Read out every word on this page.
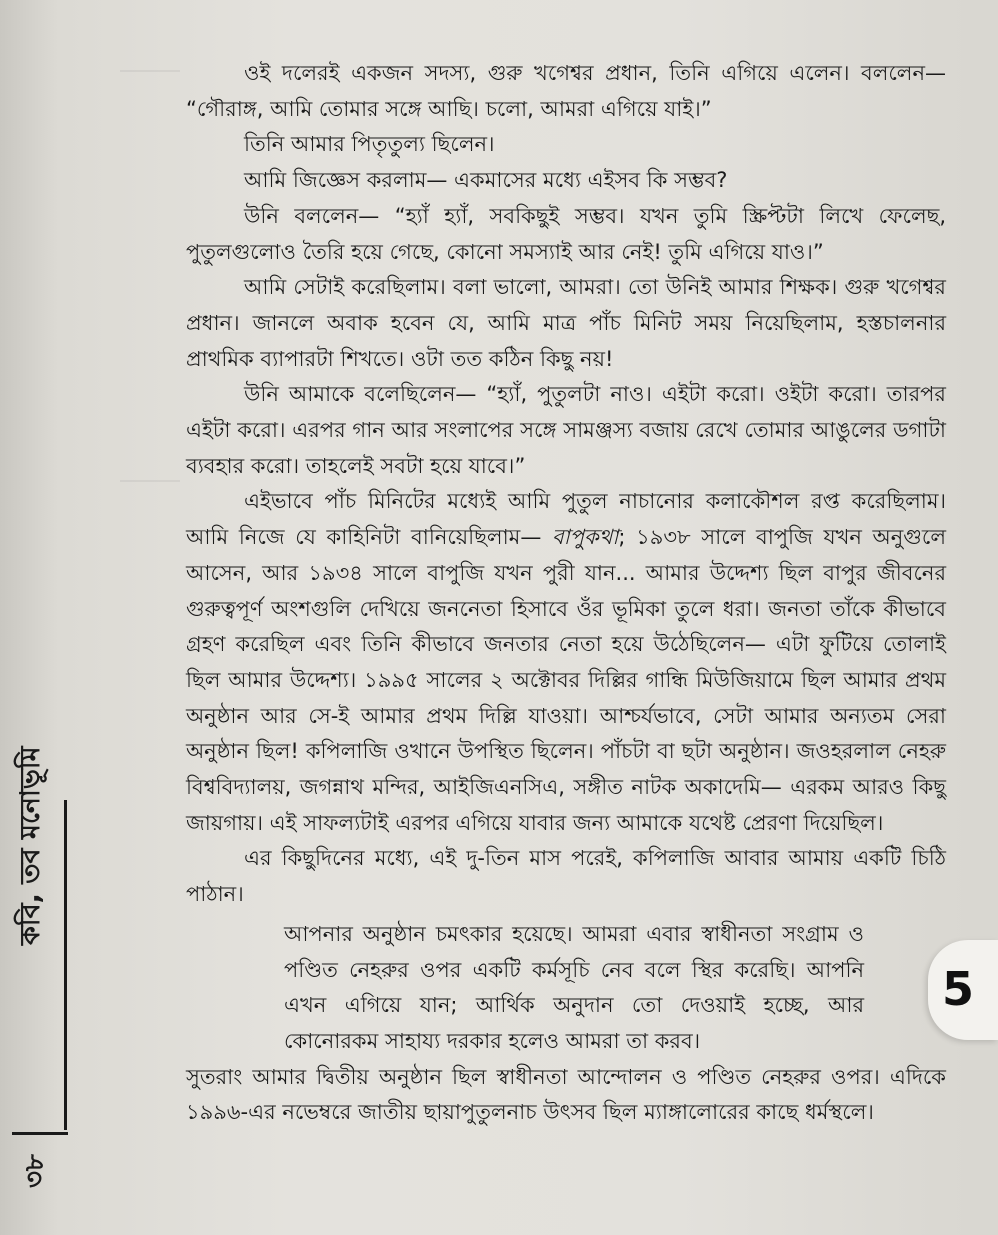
ওই দলেরই একজন সদস্য, গুরু খগেশ্বর প্রধান, তিনি এগিয়ে এলেন। বললেন— “গৌরাঙ্গ, আমি তোমার সঙ্গে আছি। চলো, আমরা এগিয়ে যাই।”

তিনি আমার পিতৃতুল্য ছিলেন।

আমি জিজ্ঞেস করলাম— একমাসের মধ্যে এইসব কি সম্ভব?

উনি বললেন— “হ্যাঁ হ্যাঁ, সবকিছুই সম্ভব। যখন তুমি স্ক্রিপ্টটা লিখে ফেলেছ, পুতুলগুলোও তৈরি হয়ে গেছে, কোনো সমস্যাই আর নেই! তুমি এগিয়ে যাও।”

আমি সেটাই করেছিলাম। বলা ভালো, আমরা। তো উনিই আমার শিক্ষক। গুরু খগেশ্বর প্রধান। জানলে অবাক হবেন যে, আমি মাত্র পাঁচ মিনিট সময় নিয়েছিলাম, হস্তচালনার প্রাথমিক ব্যাপারটা শিখতে। ওটা তত কঠিন কিছু নয়!

উনি আমাকে বলেছিলেন— “হ্যাঁ, পুতুলটা নাও। এইটা করো। ওইটা করো। তারপর এইটা করো। এরপর গান আর সংলাপের সঙ্গে সামঞ্জস্য বজায় রেখে তোমার আঙুলের ডগাটা ব্যবহার করো। তাহলেই সবটা হয়ে যাবে।”

এইভাবে পাঁচ মিনিটের মধ্যেই আমি পুতুল নাচানোর কলাকৌশল রপ্ত করেছিলাম। আমি নিজে যে কাহিনিটা বানিয়েছিলাম— বাপুকথা; ১৯৩৮ সালে বাপুজি যখন অনুগুলে আসেন, আর ১৯৩৪ সালে বাপুজি যখন পুরী যান... আমার উদ্দেশ্য ছিল বাপুর জীবনের গুরুত্বপূর্ণ অংশগুলি দেখিয়ে জননেতা হিসাবে ওঁর ভূমিকা তুলে ধরা। জনতা তাঁকে কীভাবে গ্রহণ করেছিল এবং তিনি কীভাবে জনতার নেতা হয়ে উঠেছিলেন— এটা ফুটিয়ে তোলাই ছিল আমার উদ্দেশ্য। ১৯৯৫ সালের ২ অক্টোবর দিল্লির গান্ধি মিউজিয়ামে ছিল আমার প্রথম অনুষ্ঠান আর সে-ই আমার প্রথম দিল্লি যাওয়া। আশ্চর্যভাবে, সেটা আমার অন্যতম সেরা অনুষ্ঠান ছিল! কপিলাজি ওখানে উপস্থিত ছিলেন। পাঁচটা বা ছটা অনুষ্ঠান। জওহরলাল নেহরু বিশ্ববিদ্যালয়, জগন্নাথ মন্দির, আইজিএনসিএ, সঙ্গীত নাটক অকাদেমি— এরকম আরও কিছু জায়গায়। এই সাফল্যটাই এরপর এগিয়ে যাবার জন্য আমাকে যথেষ্ট প্রেরণা দিয়েছিল।

এর কিছুদিনের মধ্যে, এই দু-তিন মাস পরেই, কপিলাজি আবার আমায় একটি চিঠি পাঠান।

আপনার অনুষ্ঠান চমৎকার হয়েছে। আমরা এবার স্বাধীনতা সংগ্রাম ও পণ্ডিত নেহরুর ওপর একটি কর্মসূচি নেব বলে স্থির করেছি। আপনি এখন এগিয়ে যান; আর্থিক অনুদান তো দেওয়াই হচ্ছে, আর কোনোরকম সাহায্য দরকার হলেও আমরা তা করব।

সুতরাং আমার দ্বিতীয় অনুষ্ঠান ছিল স্বাধীনতা আন্দোলন ও পণ্ডিত নেহরুর ওপর। এদিকে ১৯৯৬-এর নভেম্বরে জাতীয় ছায়াপুতুলনাচ উৎসব ছিল ম্যাঙ্গালোরের কাছে ধর্মস্থলে।

কবি, তব মনোভূমি
৩৮
5
